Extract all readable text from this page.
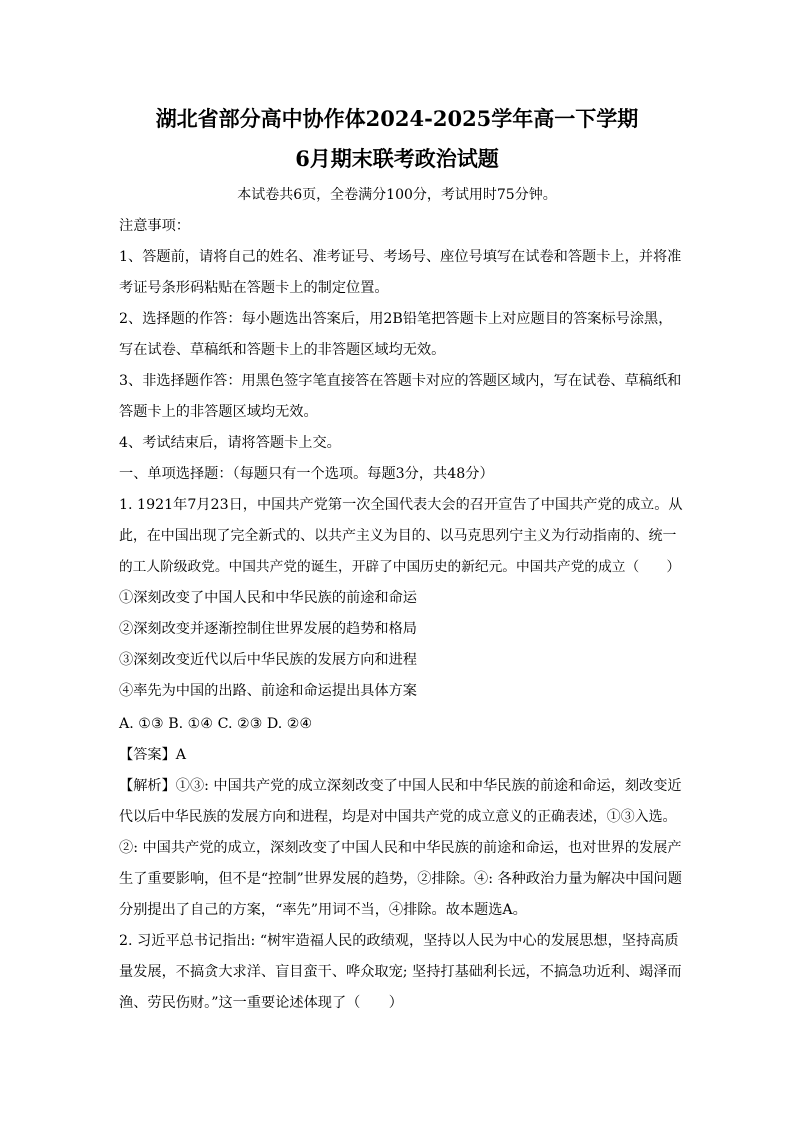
湖北省部分高中协作体2024-2025学年高一下学期
6月期末联考政治试题
本试卷共6页，全卷满分100分，考试用时75分钟。
注意事项：
1、答题前，请将自己的姓名、准考证号、考场号、座位号填写在试卷和答题卡上，并将准
考证号条形码粘贴在答题卡上的制定位置。
2、选择题的作答：每小题选出答案后，用2B铅笔把答题卡上对应题目的答案标号涂黑，
写在试卷、草稿纸和答题卡上的非答题区域均无效。
3、非选择题作答：用黑色签字笔直接答在答题卡对应的答题区域内，写在试卷、草稿纸和
答题卡上的非答题区域均无效。
4、考试结束后，请将答题卡上交。
一、单项选择题：（每题只有一个选项。每题3分，共48分）
1. 1921年7月23日，中国共产党第一次全国代表大会的召开宣告了中国共产党的成立。从
此，在中国出现了完全新式的、以共产主义为目的、以马克思列宁主义为行动指南的、统一
的工人阶级政党。中国共产党的诞生，开辟了中国历史的新纪元。中国共产党的成立（　　）
①深刻改变了中国人民和中华民族的前途和命运
②深刻改变并逐渐控制住世界发展的趋势和格局
③深刻改变近代以后中华民族的发展方向和进程
④率先为中国的出路、前途和命运提出具体方案
A. ①③ B. ①④ C. ②③ D. ②④
【答案】A
【解析】①③: 中国共产党的成立深刻改变了中国人民和中华民族的前途和命运，刻改变近
代以后中华民族的发展方向和进程，均是对中国共产党的成立意义的正确表述，①③入选。
②: 中国共产党的成立，深刻改变了中国人民和中华民族的前途和命运，也对世界的发展产
生了重要影响，但不是“控制”世界发展的趋势，②排除。④: 各种政治力量为解决中国问题
分别提出了自己的方案，“率先”用词不当，④排除。故本题选A。
2. 习近平总书记指出: “树牢造福人民的政绩观，坚持以人民为中心的发展思想，坚持高质
量发展，不搞贪大求洋、盲目蛮干、哗众取宠; 坚持打基础利长远，不搞急功近利、竭泽而
渔、劳民伤财。”这一重要论述体现了（　　）
